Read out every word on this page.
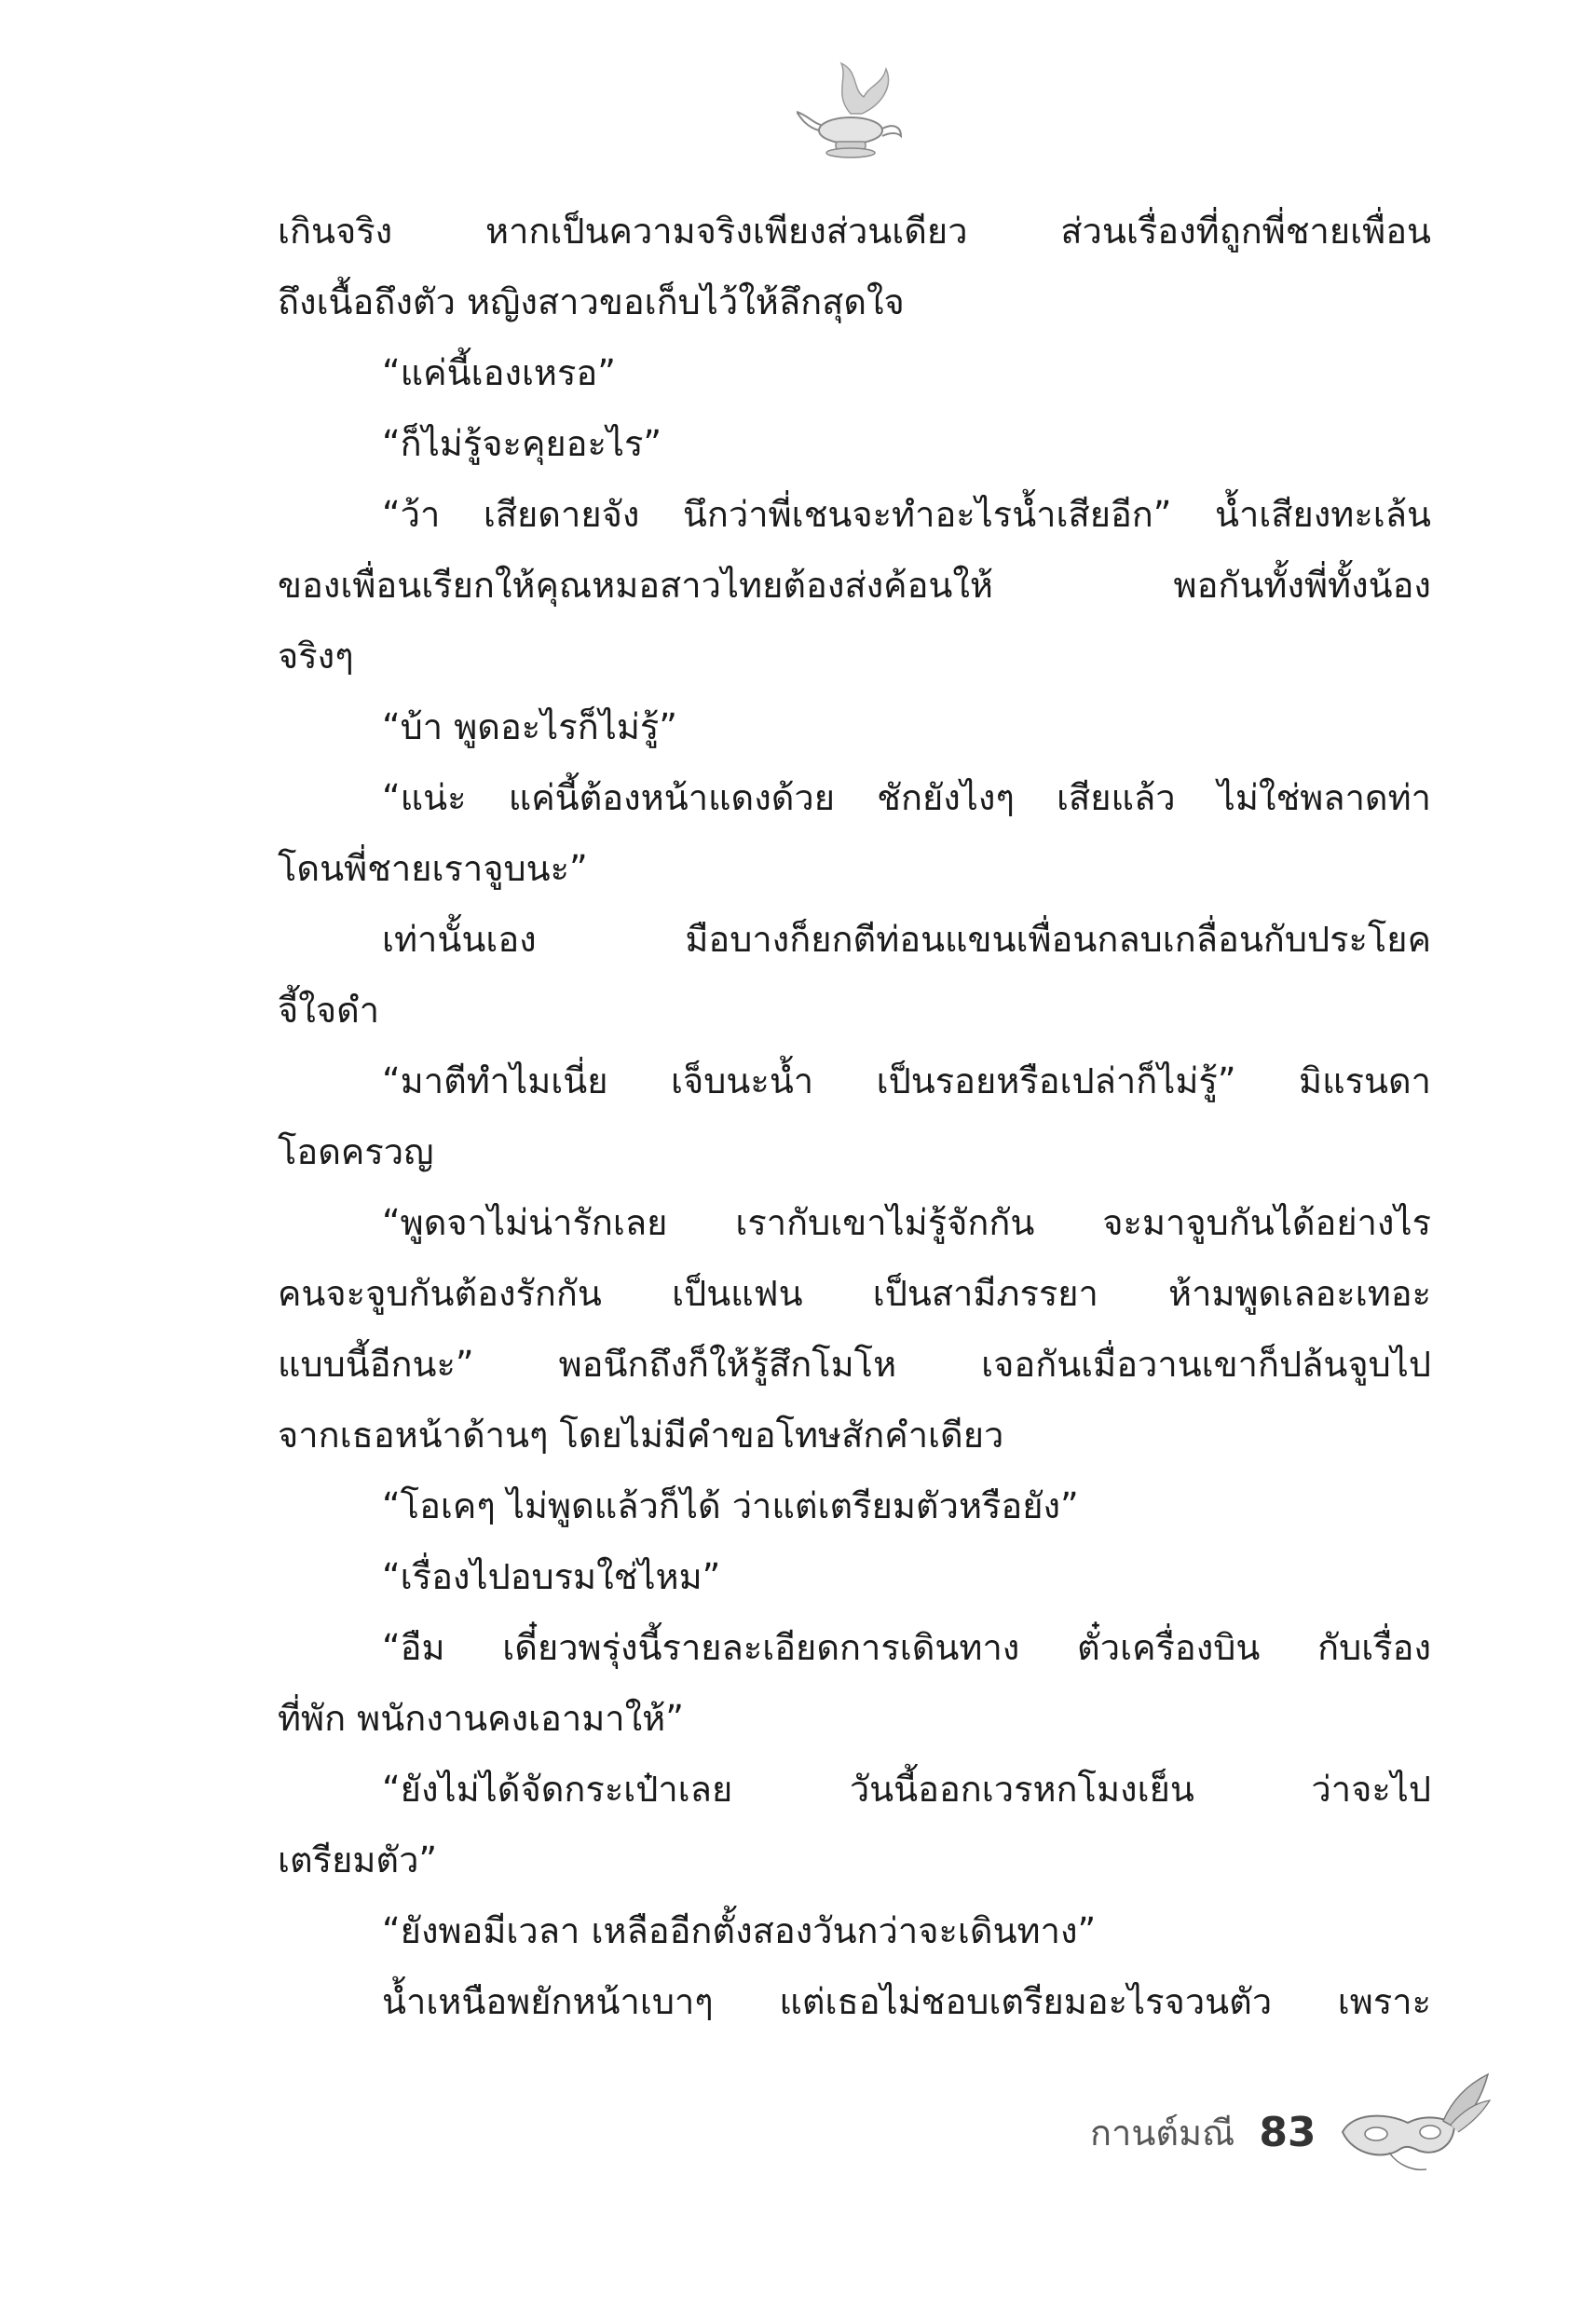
เกินจริง หากเป็นความจริงเพียงส่วนเดียว ส่วนเรื่องที่ถูกพี่ชายเพื่อน
ถึงเนื้อถึงตัว หญิงสาวขอเก็บไว้ให้ลึกสุดใจ
“แค่นี้เองเหรอ”
“ก็ไม่รู้จะคุยอะไร”
“ว้า เสียดายจัง นึกว่าพี่เชนจะทำอะไรน้ำเสียอีก” น้ำเสียงทะเล้น
ของเพื่อนเรียกให้คุณหมอสาวไทยต้องส่งค้อนให้ พอกันทั้งพี่ทั้งน้อง
จริงๆ
“บ้า พูดอะไรก็ไม่รู้”
“แน่ะ แค่นี้ต้องหน้าแดงด้วย ชักยังไงๆ เสียแล้ว ไม่ใช่พลาดท่า
โดนพี่ชายเราจูบนะ”
เท่านั้นเอง มือบางก็ยกตีท่อนแขนเพื่อนกลบเกลื่อนกับประโยค
จี้ใจดำ
“มาตีทำไมเนี่ย เจ็บนะน้ำ เป็นรอยหรือเปล่าก็ไม่รู้” มิแรนดา
โอดครวญ
“พูดจาไม่น่ารักเลย เรากับเขาไม่รู้จักกัน จะมาจูบกันได้อย่างไร
คนจะจูบกันต้องรักกัน เป็นแฟน เป็นสามีภรรยา ห้ามพูดเลอะเทอะ
แบบนี้อีกนะ” พอนึกถึงก็ให้รู้สึกโมโห เจอกันเมื่อวานเขาก็ปล้นจูบไป
จากเธอหน้าด้านๆ โดยไม่มีคำขอโทษสักคำเดียว
“โอเคๆ ไม่พูดแล้วก็ได้ ว่าแต่เตรียมตัวหรือยัง”
“เรื่องไปอบรมใช่ไหม”
“อืม เดี๋ยวพรุ่งนี้รายละเอียดการเดินทาง ตั๋วเครื่องบิน กับเรื่อง
ที่พัก พนักงานคงเอามาให้”
“ยังไม่ได้จัดกระเป๋าเลย วันนี้ออกเวรหกโมงเย็น ว่าจะไป
เตรียมตัว”
“ยังพอมีเวลา เหลืออีกตั้งสองวันกว่าจะเดินทาง”
น้ำเหนือพยักหน้าเบาๆ แต่เธอไม่ชอบเตรียมอะไรจวนตัว เพราะ
กานต์มณี 83
